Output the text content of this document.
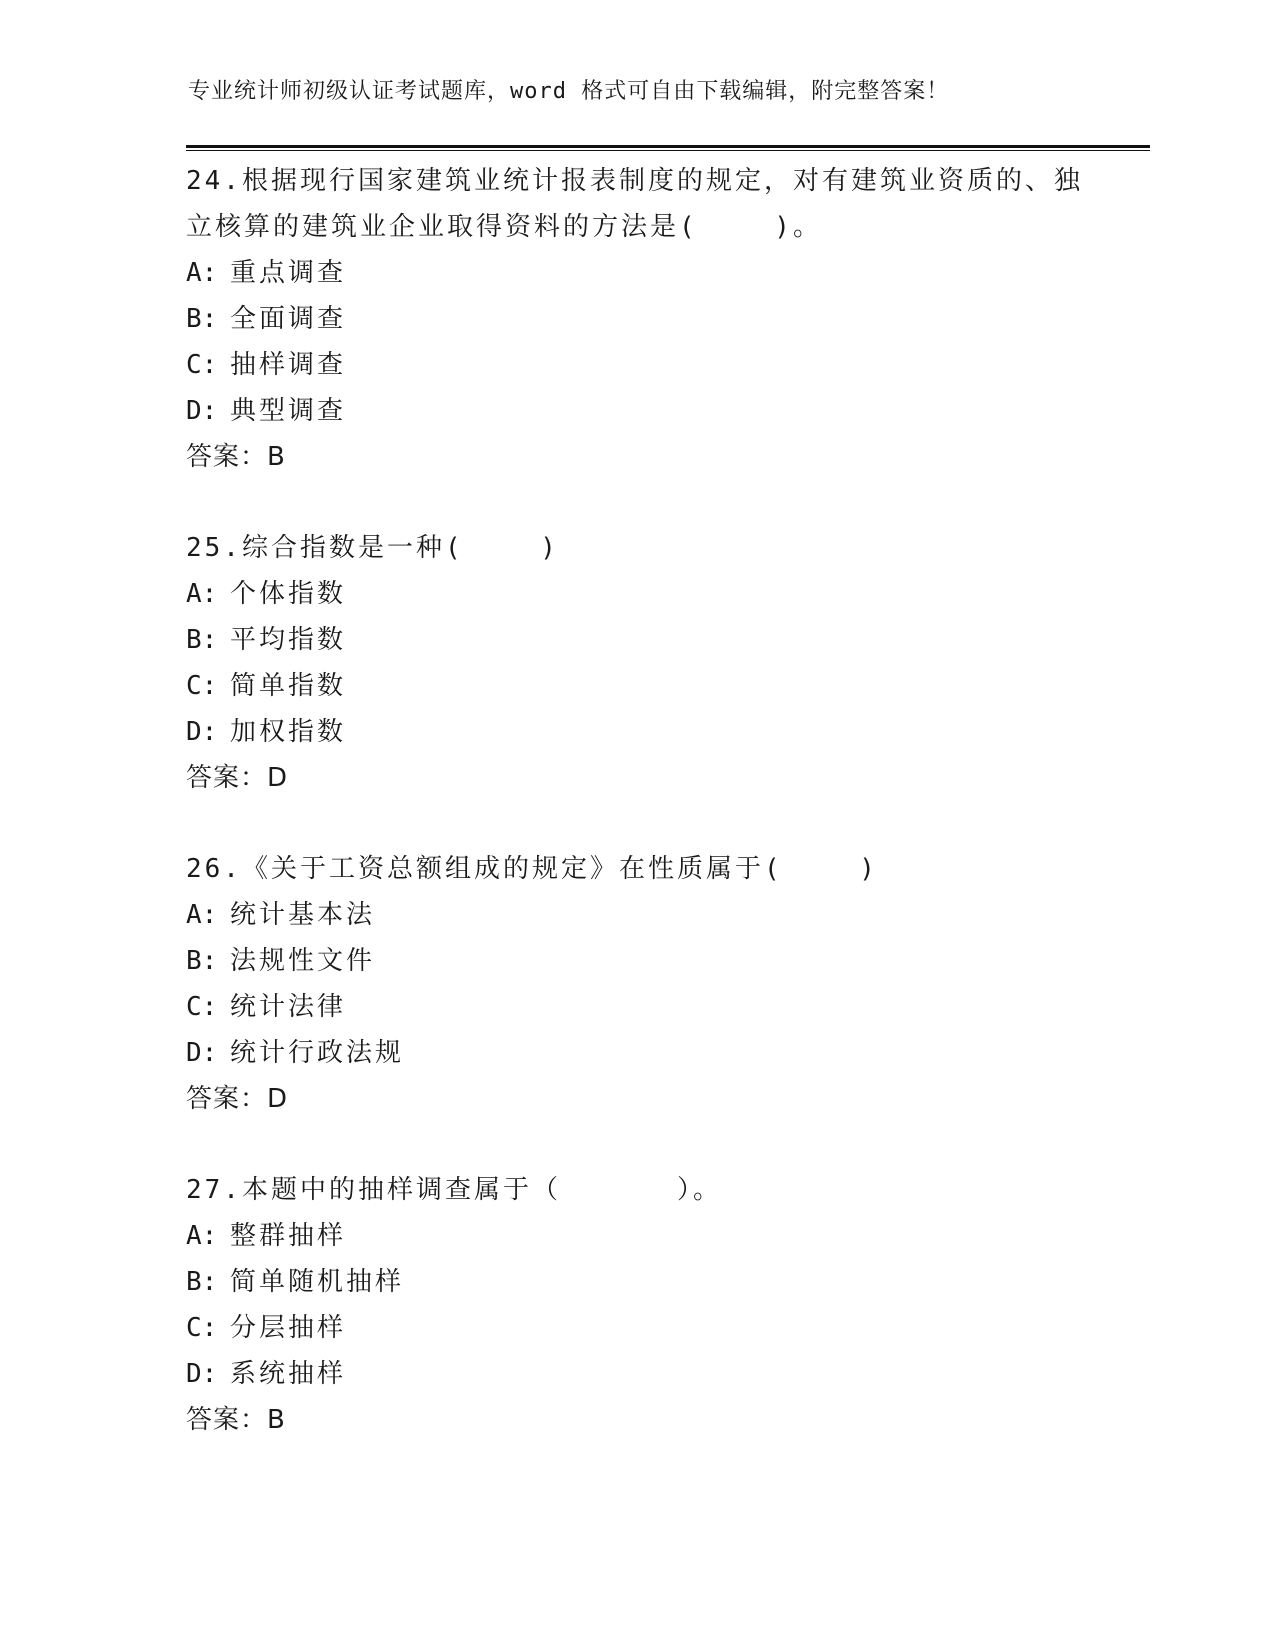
专业统计师初级认证考试题库，word 格式可自由下载编辑，附完整答案！
24.根据现行国家建筑业统计报表制度的规定，对有建筑业资质的、独
立核算的建筑业企业取得资料的方法是(　　 )。
A: 重点调查
B: 全面调查
C: 抽样调查
D: 典型调查
答案：B
25.综合指数是一种(　　 )
A: 个体指数
B: 平均指数
C: 简单指数
D: 加权指数
答案：D
26.《关于工资总额组成的规定》在性质属于(　　 )
A: 统计基本法
B: 法规性文件
C: 统计法律
D: 统计行政法规
答案：D
27.本题中的抽样调查属于（　　　　）。
A: 整群抽样
B: 简单随机抽样
C: 分层抽样
D: 系统抽样
答案：B
